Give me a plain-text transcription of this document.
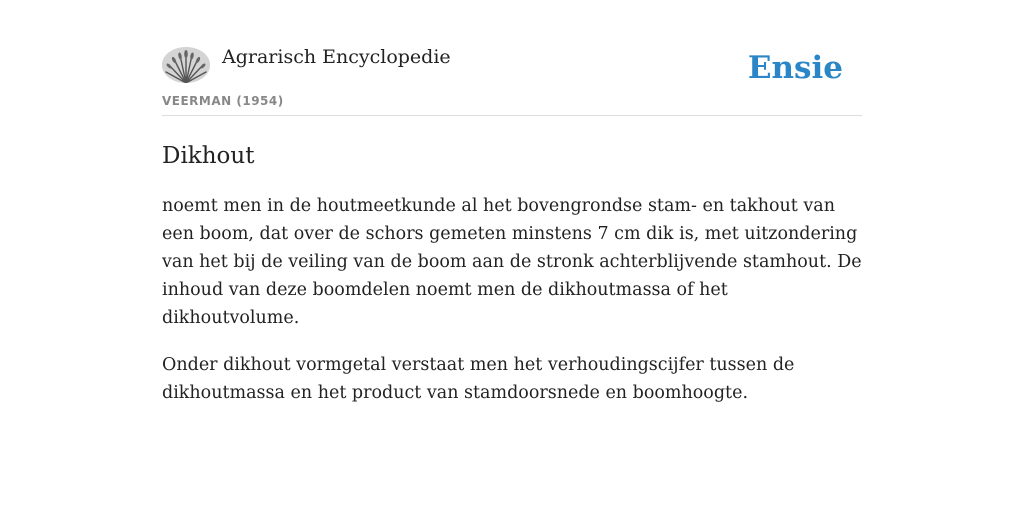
Agrarisch Encyclopedie
VEERMAN (1954)
Ensie
Dikhout

noemt men in de houtmeetkunde al het bovengrondse stam- en takhout van een boom, dat over de schors gemeten minstens 7 cm dik is, met uitzondering van het bij de veiling van de boom aan de stronk achterblijvende stamhout. De inhoud van deze boomdelen noemt men de dikhoutmassa of het dikhoutvolume.

Onder dikhout vormgetal verstaat men het verhoudingscijfer tussen de dikhoutmassa en het product van stamdoorsnede en boomhoogte.
